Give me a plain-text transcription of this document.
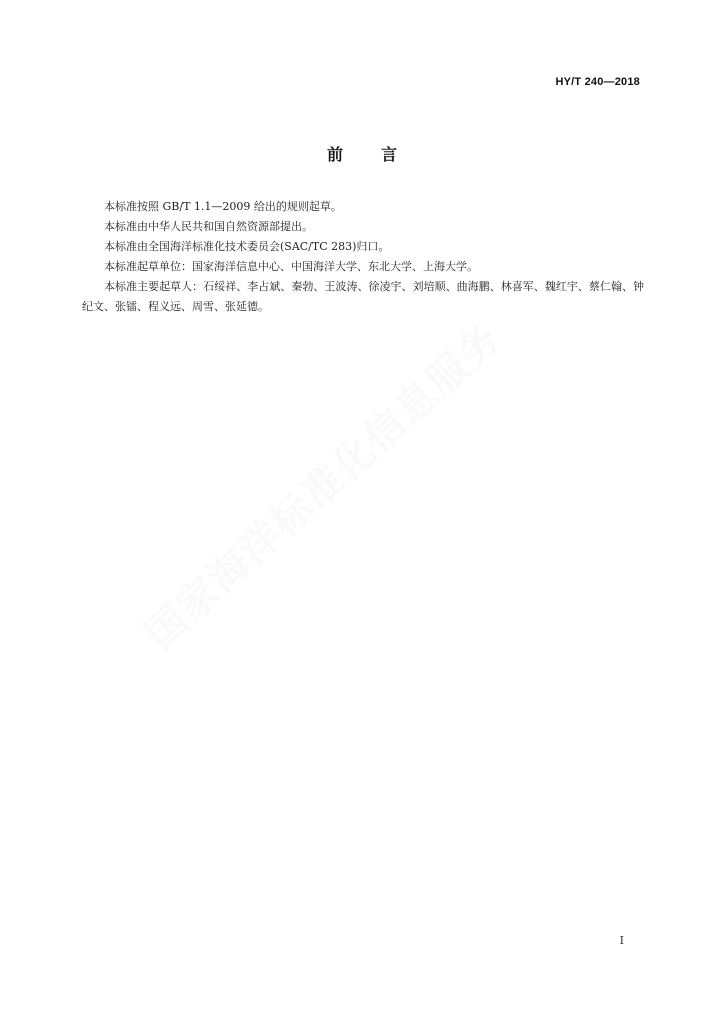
HY/T 240—2018
前言

本标准按照 GB/T 1.1—2009 给出的规则起草。

本标准由中华人民共和国自然资源部提出。

本标准由全国海洋标准化技术委员会(SAC/TC 283)归口。

本标准起草单位：国家海洋信息中心、中国海洋大学、东北大学、上海大学。

本标准主要起草人：石绥祥、李占斌、秦勃、王波涛、徐凌宇、刘培顺、曲海鹏、林喜军、魏红宇、蔡仁翰、钟纪文、张镭、程义远、周雪、张延德。

国家海洋标准化信息服务
I
